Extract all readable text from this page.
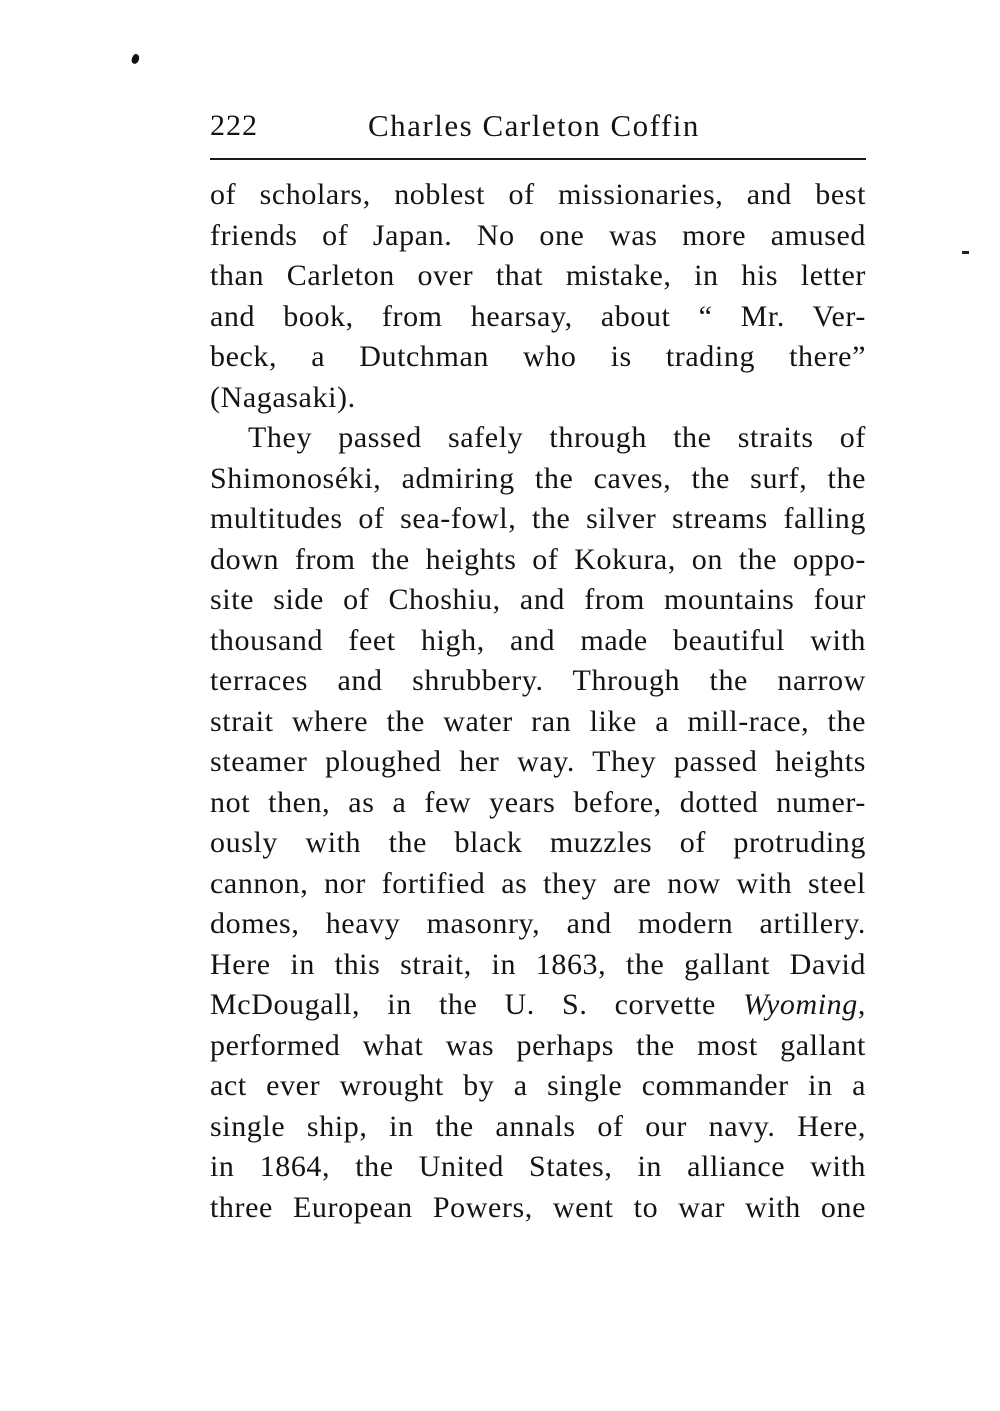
222	Charles Carleton Coffin
of scholars, noblest of missionaries, and best
friends of Japan. No one was more amused
than Carleton over that mistake, in his letter
and book, from hearsay, about “ Mr. Ver-
beck, a Dutchman who is trading there”
(Nagasaki).
They passed safely through the straits of
Shimonoséki, admiring the caves, the surf, the
multitudes of sea-fowl, the silver streams falling
down from the heights of Kokura, on the oppo-
site side of Choshiu, and from mountains four
thousand feet high, and made beautiful with
terraces and shrubbery. Through the narrow
strait where the water ran like a mill-race, the
steamer ploughed her way. They passed heights
not then, as a few years before, dotted numer-
ously with the black muzzles of protruding
cannon, nor fortified as they are now with steel
domes, heavy masonry, and modern artillery.
Here in this strait, in 1863, the gallant David
McDougall, in the U. S. corvette Wyoming,
performed what was perhaps the most gallant
act ever wrought by a single commander in a
single ship, in the annals of our navy. Here,
in 1864, the United States, in alliance with
three European Powers, went to war with one
